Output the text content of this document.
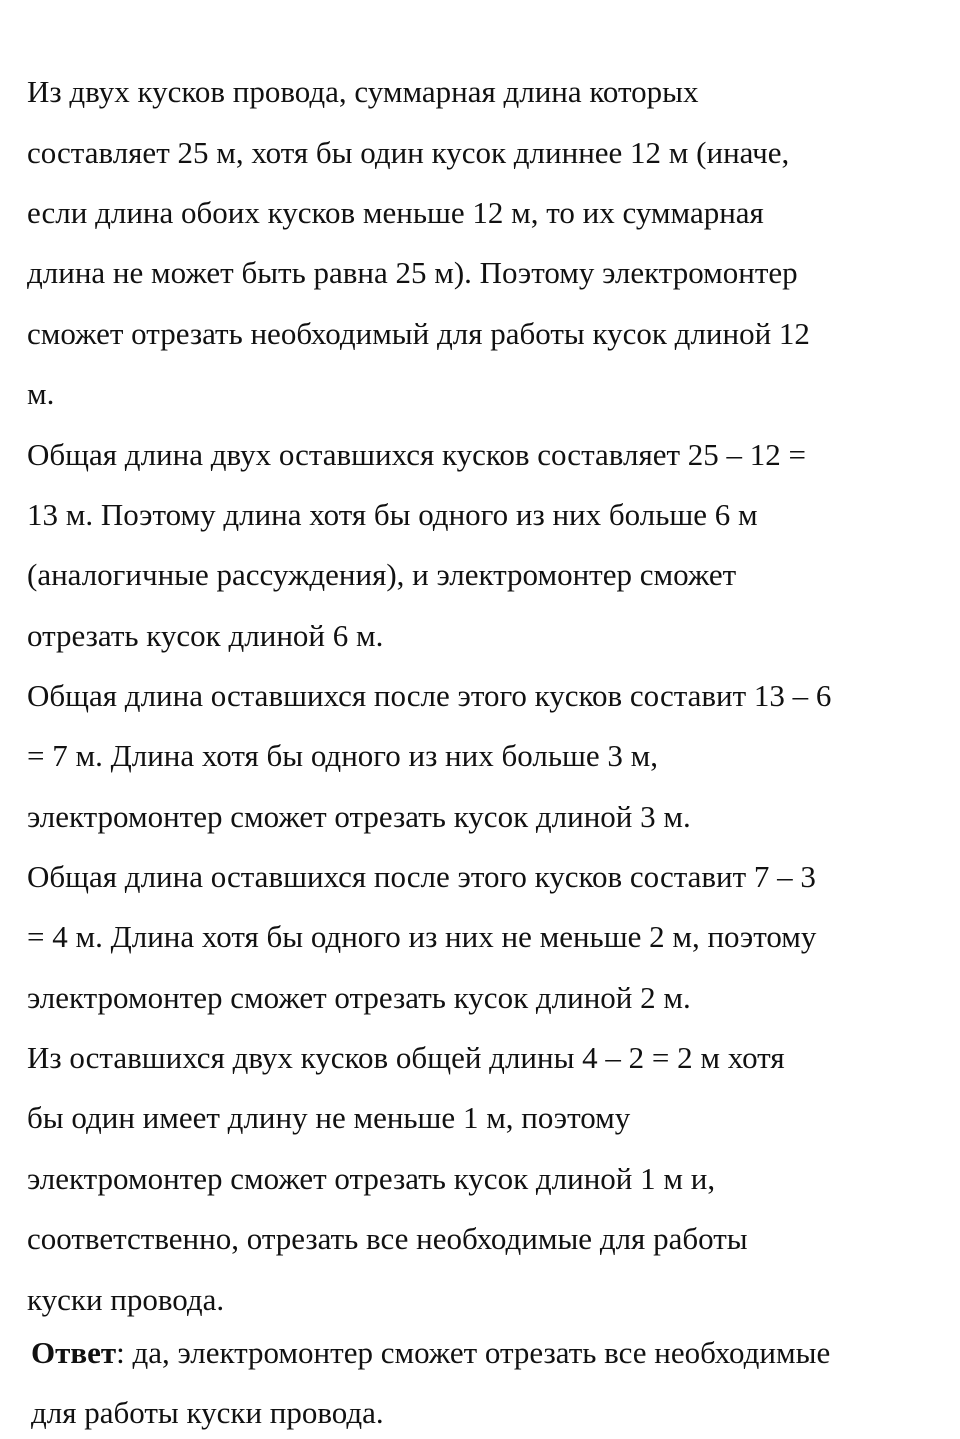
Из двух кусков провода, суммарная длина которых
составляет 25 м, хотя бы один кусок длиннее 12 м (иначе,
если длина обоих кусков меньше 12 м, то их суммарная
длина не может быть равна 25 м). Поэтому электромонтер
сможет отрезать необходимый для работы кусок длиной 12
м.
Общая длина двух оставшихся кусков составляет 25 – 12 =
13 м. Поэтому длина хотя бы одного из них больше 6 м
(аналогичные рассуждения), и электромонтер сможет
отрезать кусок длиной 6 м.
Общая длина оставшихся после этого кусков составит 13 – 6
= 7 м. Длина хотя бы одного из них больше 3 м,
электромонтер сможет отрезать кусок длиной 3 м.
Общая длина оставшихся после этого кусков составит 7 – 3
= 4 м. Длина хотя бы одного из них не меньше 2 м, поэтому
электромонтер сможет отрезать кусок длиной 2 м.
Из оставшихся двух кусков общей длины 4 – 2 = 2 м хотя
бы один имеет длину не меньше 1 м, поэтому
электромонтер сможет отрезать кусок длиной 1 м и,
соответственно, отрезать все необходимые для работы
куски провода.
Ответ: да, электромонтер сможет отрезать все необходимые
для работы куски провода.
